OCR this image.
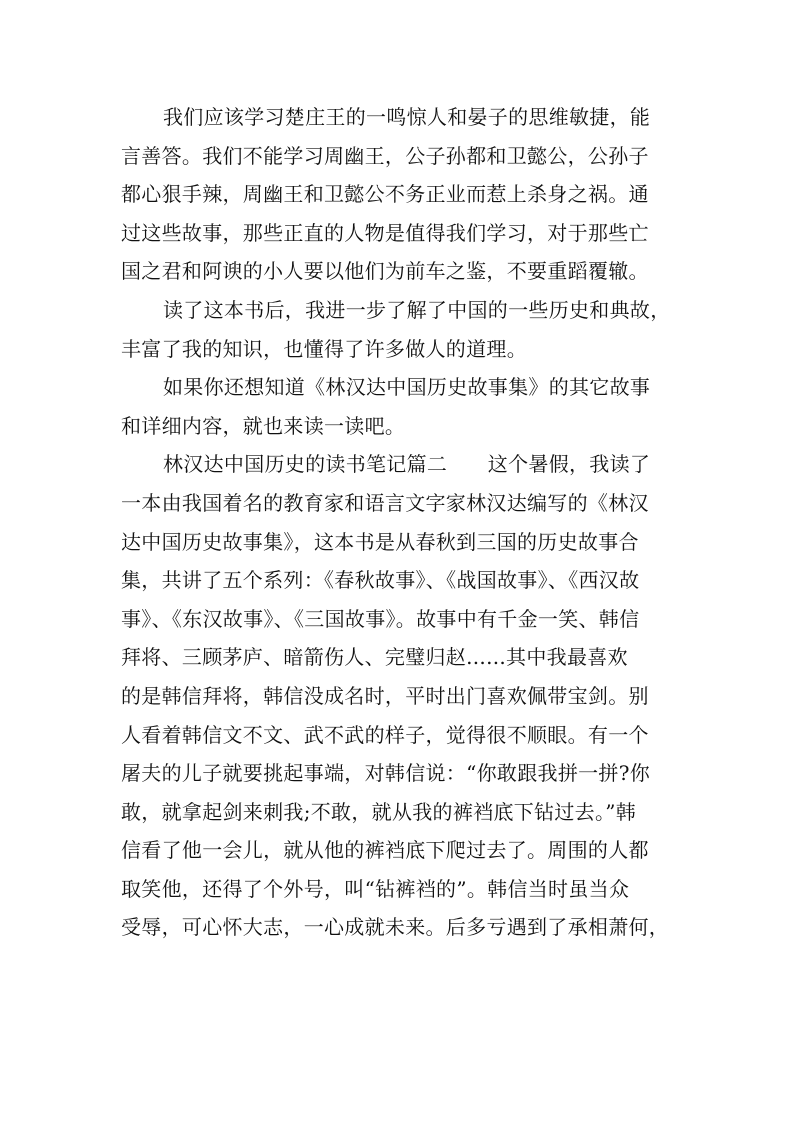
我们应该学习楚庄王的一鸣惊人和晏子的思维敏捷，能
言善答。我们不能学习周幽王，公子孙都和卫懿公，公孙子
都心狠手辣，周幽王和卫懿公不务正业而惹上杀身之祸。通
过这些故事，那些正直的人物是值得我们学习，对于那些亡
国之君和阿谀的小人要以他们为前车之鉴，不要重蹈覆辙。
读了这本书后，我进一步了解了中国的一些历史和典故，
丰富了我的知识，也懂得了许多做人的道理。
如果你还想知道《林汉达中国历史故事集》的其它故事
和详细内容，就也来读一读吧。
林汉达中国历史的读书笔记篇二　　这个暑假，我读了
一本由我国着名的教育家和语言文字家林汉达编写的《林汉
达中国历史故事集》，这本书是从春秋到三国的历史故事合
集，共讲了五个系列：《春秋故事》、《战国故事》、《西汉故
事》、《东汉故事》、《三国故事》。故事中有千金一笑、韩信
拜将、三顾茅庐、暗箭伤人、完璧归赵......其中我最喜欢
的是韩信拜将，韩信没成名时，平时出门喜欢佩带宝剑。别
人看着韩信文不文、武不武的样子，觉得很不顺眼。有一个
屠夫的儿子就要挑起事端，对韩信说：“你敢跟我拼一拼?你
敢，就拿起剑来刺我;不敢，就从我的裤裆底下钻过去。”韩
信看了他一会儿，就从他的裤裆底下爬过去了。周围的人都
取笑他，还得了个外号，叫“钻裤裆的”。韩信当时虽当众
受辱，可心怀大志，一心成就未来。后多亏遇到了承相萧何，
